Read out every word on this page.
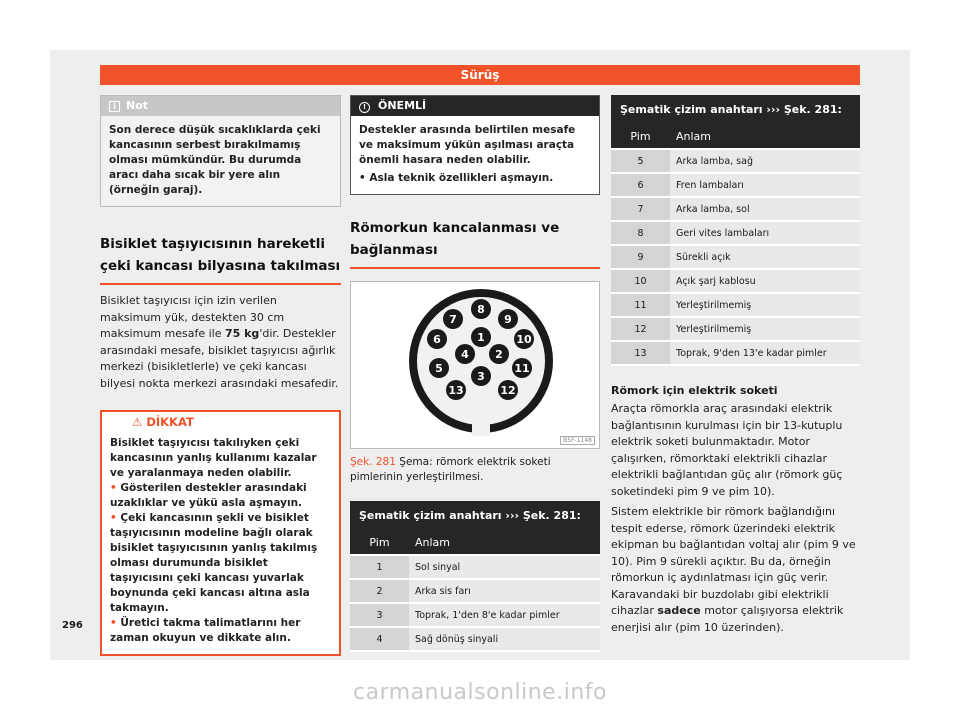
Sürüş
i Not
Son derece düşük sıcaklıklarda çeki kancasının serbest bırakılmamış olması mümkündür. Bu durumda aracı daha sıcak bir yere alın (örneğin garaj).
Bisiklet taşıyıcısının hareketli çeki kancası bilyasına takılması

Bisiklet taşıyıcısı için izin verilen maksimum yük, destekten 30 cm maksimum mesafe ile 75 kg'dir. Destekler arasındaki mesafe, bisiklet taşıyıcısı ağırlık merkezi (bisikletlerle) ve çeki kancası bilyesi nokta merkezi arasındaki mesafedir.

⚠ DİKKAT
Bisiklet taşıyıcısı takılıyken çeki kancasının yanlış kullanımı kazalar ve yaralanmaya neden olabilir.
• Gösterilen destekler arasındaki uzaklıklar ve yükü asla aşmayın.
• Çeki kancasının şekli ve bisiklet taşıyıcısının modeline bağlı olarak bisiklet taşıyıcısının yanlış takılmış olması durumunda bisiklet taşıyıcısını çeki kancası yuvarlak boynunda çeki kancası altına asla takmayın.
• Üretici takma talimatlarını her zaman okuyun ve dikkate alın.
! ÖNEMLİ
Destekler arasında belirtilen mesafe ve maksimum yükün aşılması araçta önemli hasara neden olabilir.
• Asla teknik özellikleri aşmayın.
Römorkun kancalanması ve bağlanması
1
2
3
4
5
6
7
8
9
10
11
12
13
B5F-1148
Şek. 281 Şema: römork elektrik soketi pimlerinin yerleştirilmesi.
Şematik çizim anahtarı ››› Şek. 281:
Pim	Anlam
1	Sol sinyal
2	Arka sis farı
3	Toprak, 1'den 8'e kadar pimler
4	Sağ dönüş sinyali
Şematik çizim anahtarı ››› Şek. 281:
Pim	Anlam
5	Arka lamba, sağ
6	Fren lambaları
7	Arka lamba, sol
8	Geri vites lambaları
9	Sürekli açık
10	Açık şarj kablosu
11	Yerleştirilmemiş
12	Yerleştirilmemiş
13	Toprak, 9'den 13'e kadar pimler
Römork için elektrik soketi

Araçta römorkla araç arasındaki elektrik bağlantısının kurulması için bir 13-kutuplu elektrik soketi bulunmaktadır. Motor çalışırken, römorktaki elektrikli cihazlar elektrikli bağlantıdan güç alır (römork güç soketindeki pim 9 ve pim 10).

Sistem elektrikle bir römork bağlandığını tespit ederse, römork üzerindeki elektrik ekipman bu bağlantıdan voltaj alır (pim 9 ve 10). Pim 9 sürekli açıktır. Bu da, örneğin römorkun iç aydınlatması için güç verir. Karavandaki bir buzdolabı gibi elektrikli cihazlar sadece motor çalışıyorsa elektrik enerjisi alır (pim 10 üzerinden).

296
carmanualsonline.info
